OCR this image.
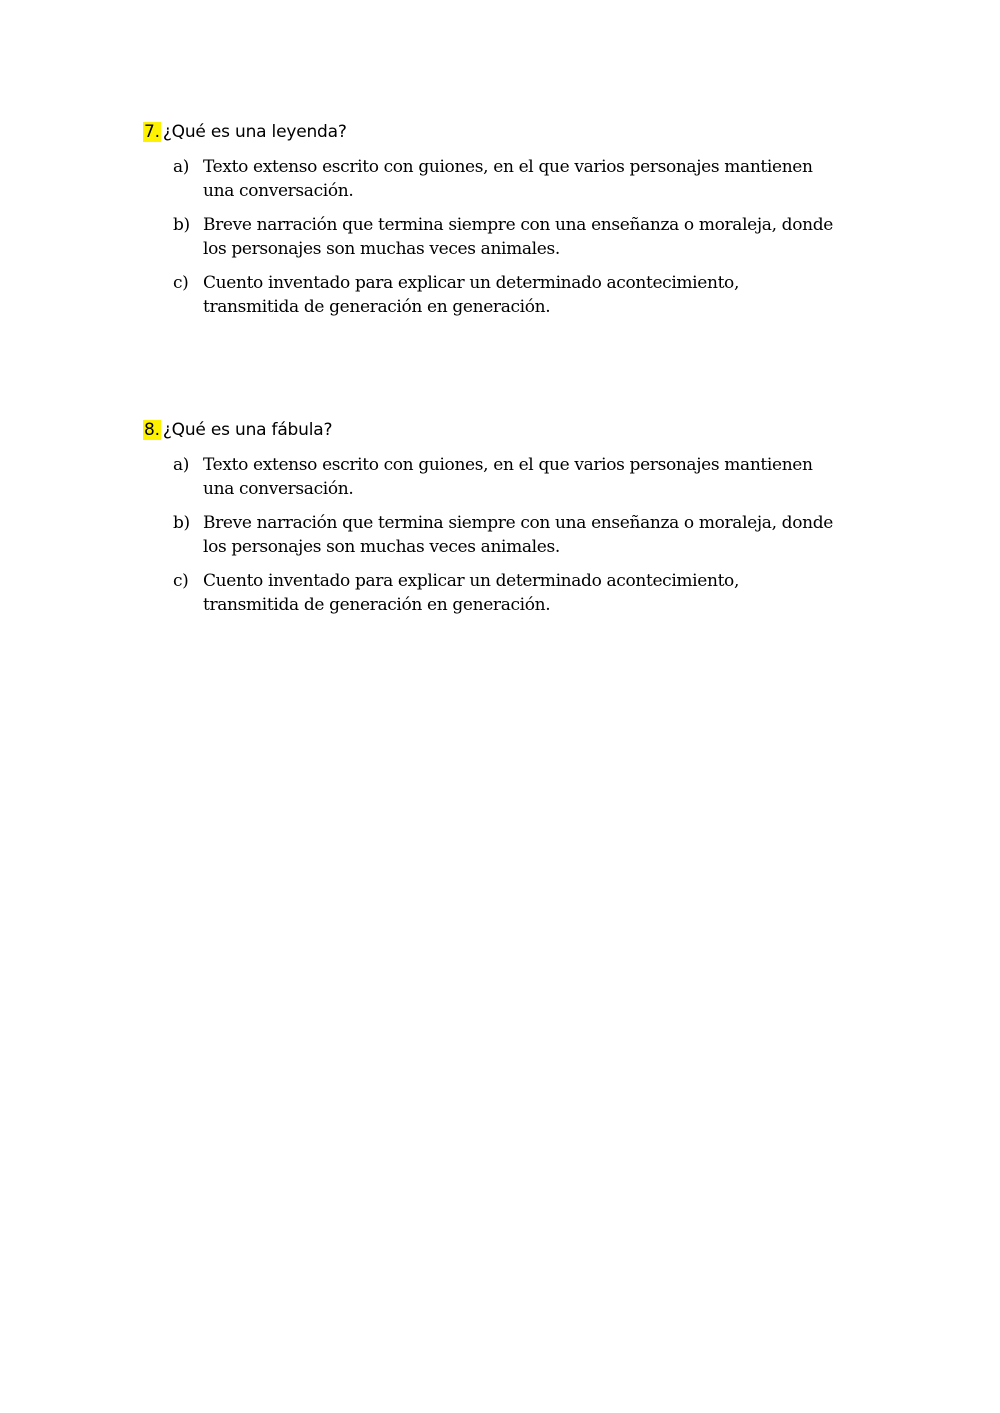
7. ¿Qué es una leyenda?
a) Texto extenso escrito con guiones, en el que varios personajes mantienen
una conversación.
b) Breve narración que termina siempre con una enseñanza o moraleja, donde
los personajes son muchas veces animales.
c) Cuento inventado para explicar un determinado acontecimiento,
transmitida de generación en generación.
8. ¿Qué es una fábula?
a) Texto extenso escrito con guiones, en el que varios personajes mantienen
una conversación.
b) Breve narración que termina siempre con una enseñanza o moraleja, donde
los personajes son muchas veces animales.
c) Cuento inventado para explicar un determinado acontecimiento,
transmitida de generación en generación.
